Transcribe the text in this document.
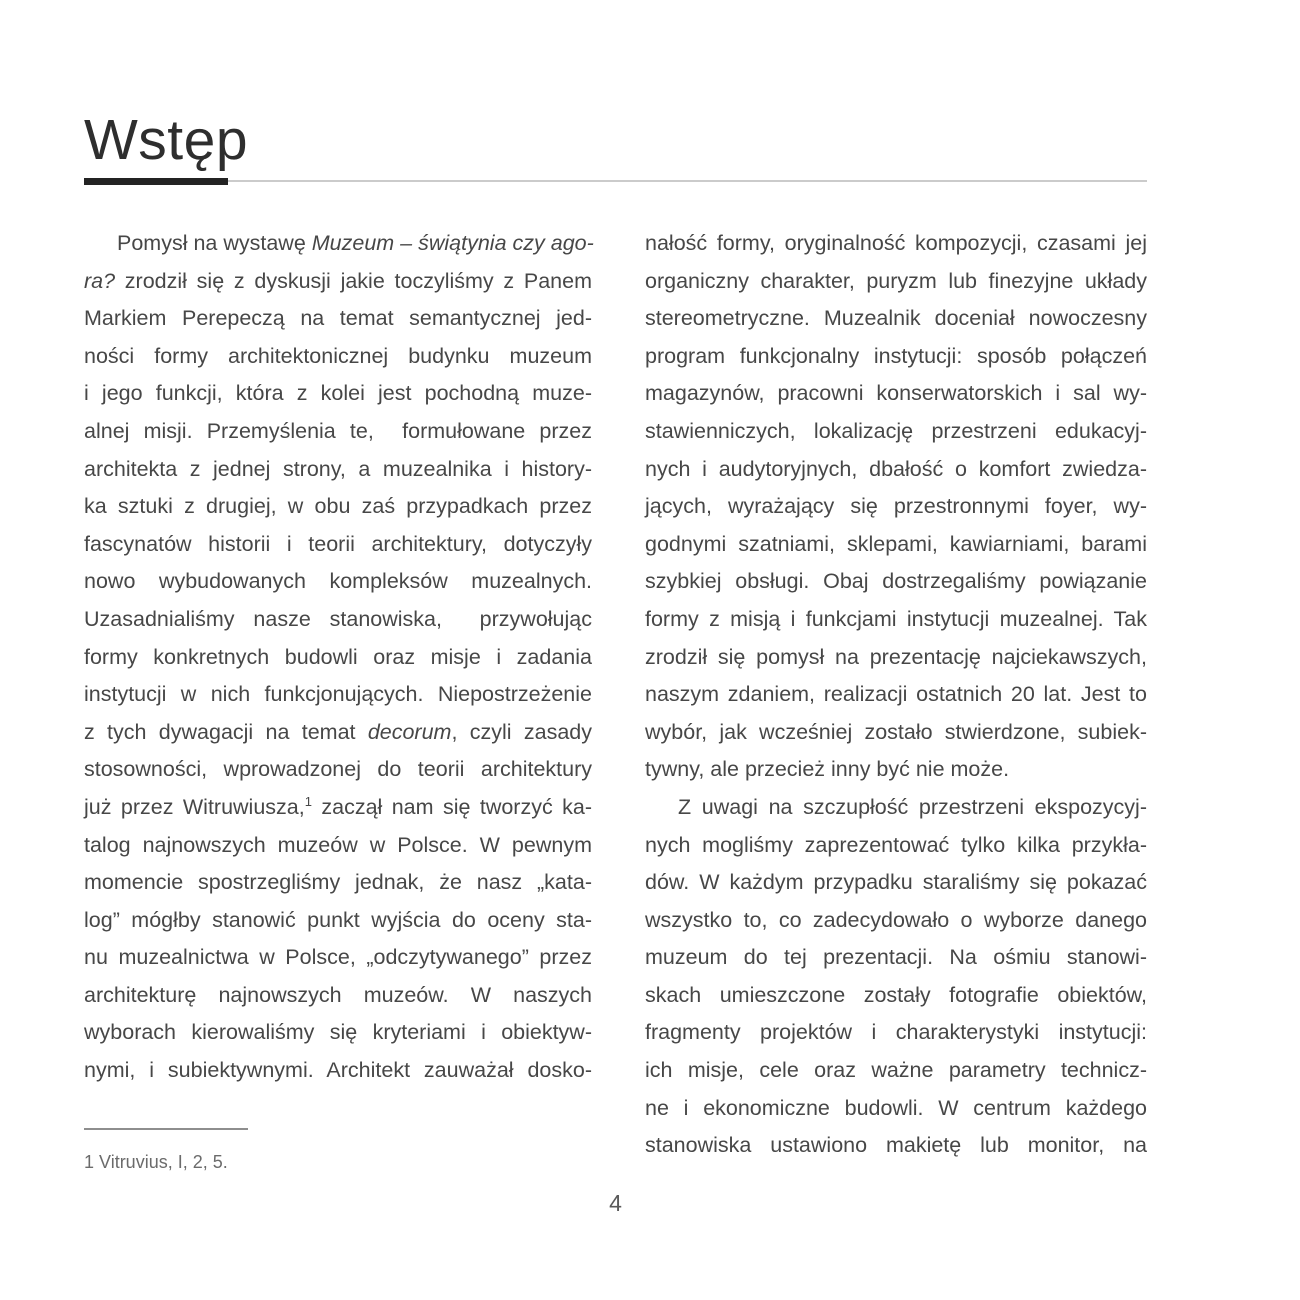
Wstęp
Pomysł na wystawę Muzeum – świątynia czy ago-
ra? zrodził się z dyskusji jakie toczyliśmy z Panem
Markiem Perepeczą na temat semantycznej jed-
ności formy architektonicznej budynku muzeum
i jego funkcji, która z kolei jest pochodną muze-
alnej misji. Przemyślenia te,  formułowane przez
architekta z jednej strony, a muzealnika i history-
ka sztuki z drugiej, w obu zaś przypadkach przez
fascynatów historii i teorii architektury, dotyczyły
nowo wybudowanych kompleksów muzealnych.
Uzasadnialiśmy nasze stanowiska,  przywołując
formy konkretnych budowli oraz misje i zadania
instytucji w nich funkcjonujących. Niepostrzeżenie
z tych dywagacji na temat decorum, czyli zasady
stosowności, wprowadzonej do teorii architektury
już przez Witruwiusza,$^1$ zaczął nam się tworzyć ka-
talog najnowszych muzeów w Polsce. W pewnym
momencie spostrzegliśmy jednak, że nasz „kata-
log” mógłby stanowić punkt wyjścia do oceny sta-
nu muzealnictwa w Polsce, „odczytywanego” przez
architekturę najnowszych muzeów. W naszych
wyborach kierowaliśmy się kryteriami i obiektyw-
nymi, i subiektywnymi. Architekt zauważał dosko-
nałość formy, oryginalność kompozycji, czasami jej
organiczny charakter, puryzm lub finezyjne układy
stereometryczne. Muzealnik doceniał nowoczesny
program funkcjonalny instytucji: sposób połączeń
magazynów, pracowni konserwatorskich i sal wy-
stawienniczych, lokalizację przestrzeni edukacyj-
nych i audytoryjnych, dbałość o komfort zwiedza-
jących, wyrażający się przestronnymi foyer, wy-
godnymi szatniami, sklepami, kawiarniami, barami
szybkiej obsługi. Obaj dostrzegaliśmy powiązanie
formy z misją i funkcjami instytucji muzealnej. Tak
zrodził się pomysł na prezentację najciekawszych,
naszym zdaniem, realizacji ostatnich 20 lat. Jest to
wybór, jak wcześniej zostało stwierdzone, subiek-
tywny, ale przecież inny być nie może.
Z uwagi na szczupłość przestrzeni ekspozycyj-
nych mogliśmy zaprezentować tylko kilka przykła-
dów. W każdym przypadku staraliśmy się pokazać
wszystko to, co zadecydowało o wyborze danego
muzeum do tej prezentacji. Na ośmiu stanowi-
skach umieszczone zostały fotografie obiektów,
fragmenty projektów i charakterystyki instytucji:
ich misje, cele oraz ważne parametry technicz-
ne i ekonomiczne budowli. W centrum każdego
stanowiska ustawiono makietę lub monitor, na
1 Vitruvius, I, 2, 5.
4
